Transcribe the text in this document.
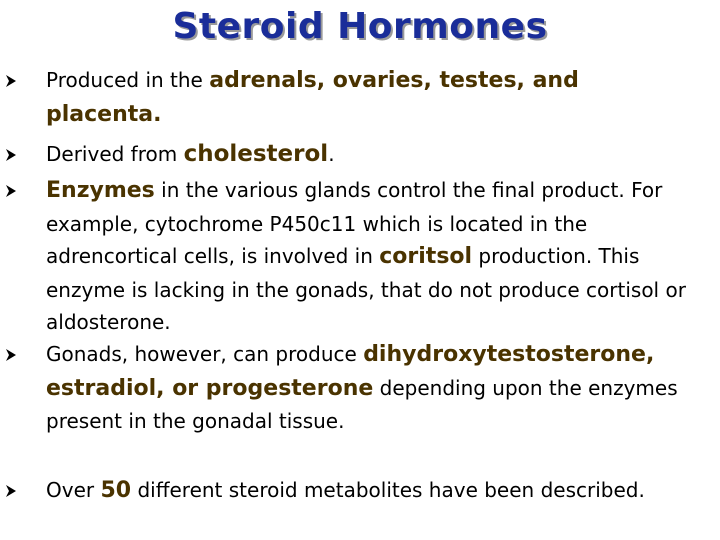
Steroid Hormones

Produced in the adrenals, ovaries, testes, and placenta.

Derived from cholesterol.

Enzymes in the various glands control the final product. For example, cytochrome P450c11 which is located in the adrencortical cells, is involved in coritsol production. This enzyme is lacking in the gonads, that do not produce cortisol or aldosterone.

Gonads, however, can produce dihydroxytestosterone, estradiol, or progesterone depending upon the enzymes present in the gonadal tissue.

Over 50 different steroid metabolites have been described.
